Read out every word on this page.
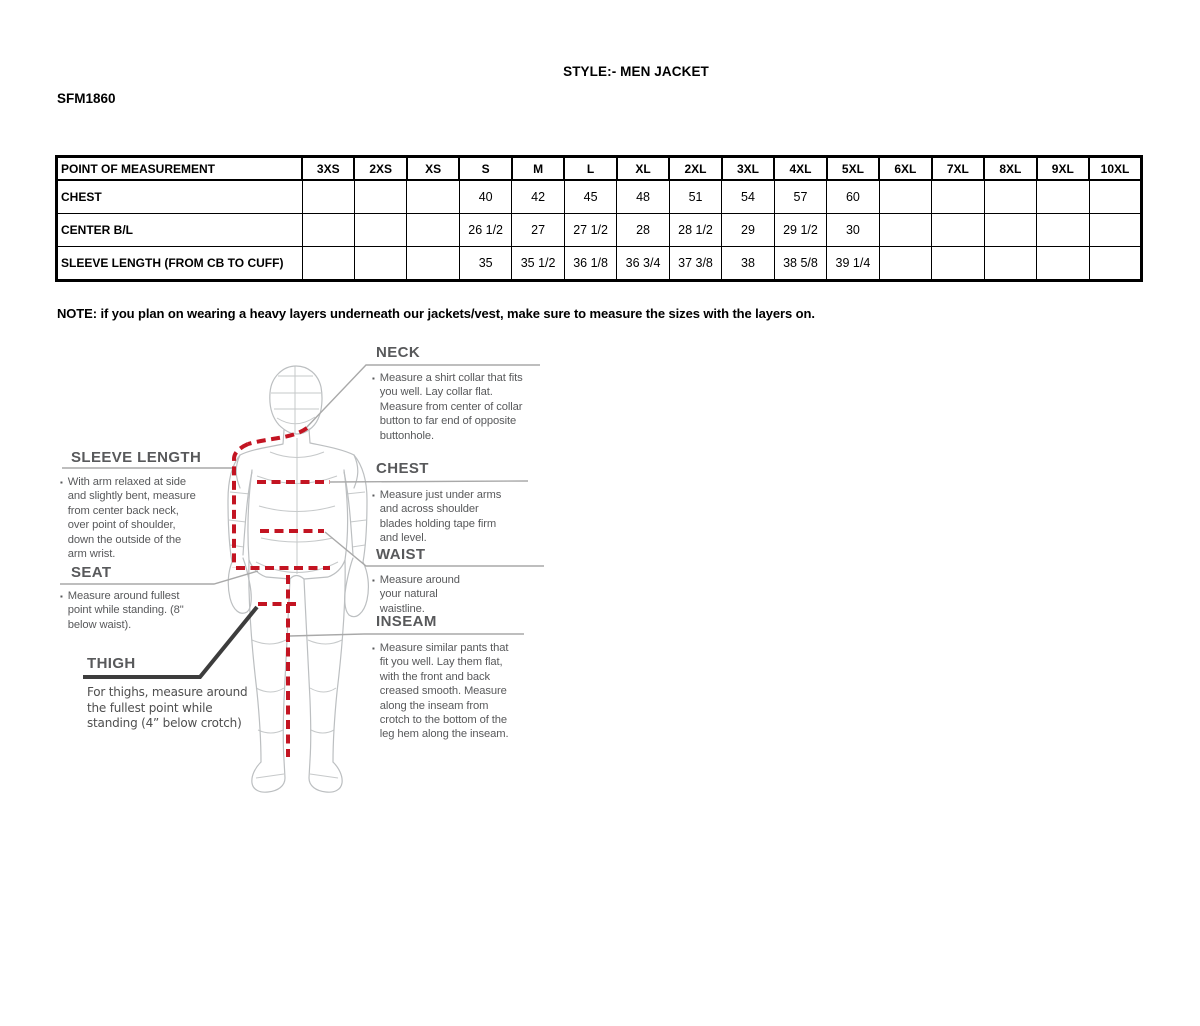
STYLE:- MEN JACKET
SFM1860
POINT OF MEASUREMENT	3XS	2XS	XS	S	M	L	XL	2XL	3XL	4XL	5XL	6XL	7XL	8XL	9XL	10XL
CHEST				40	42	45	48	51	54	57	60					
CENTER B/L				26 1/2	27	27 1/2	28	28 1/2	29	29 1/2	30					
SLEEVE LENGTH (FROM CB TO CUFF)				35	35 1/2	36 1/8	36 3/4	37 3/8	38	38 5/8	39 1/4					
NOTE: if you plan on wearing a heavy layers underneath our jackets/vest, make sure to measure the sizes with the layers on.
NECK
▪ Measure a shirt collar that fits you well. Lay collar flat. Measure from center of collar button to far end of opposite buttonhole.

SLEEVE LENGTH
▪ With arm relaxed at side and slightly bent, measure from center back neck, over point of shoulder, down the outside of the arm wrist.

CHEST
▪ Measure just under arms and across shoulder blades holding tape firm and level.

WAIST
▪ Measure around your natural waistline.

SEAT
▪ Measure around fullest point while standing. (8" below waist).

THIGH

For thighs, measure around the fullest point while standing (4” below crotch)

INSEAM
▪ Measure similar pants that fit you well. Lay them flat, with the front and back creased smooth. Measure along the inseam from crotch to the bottom of the leg hem along the inseam.
